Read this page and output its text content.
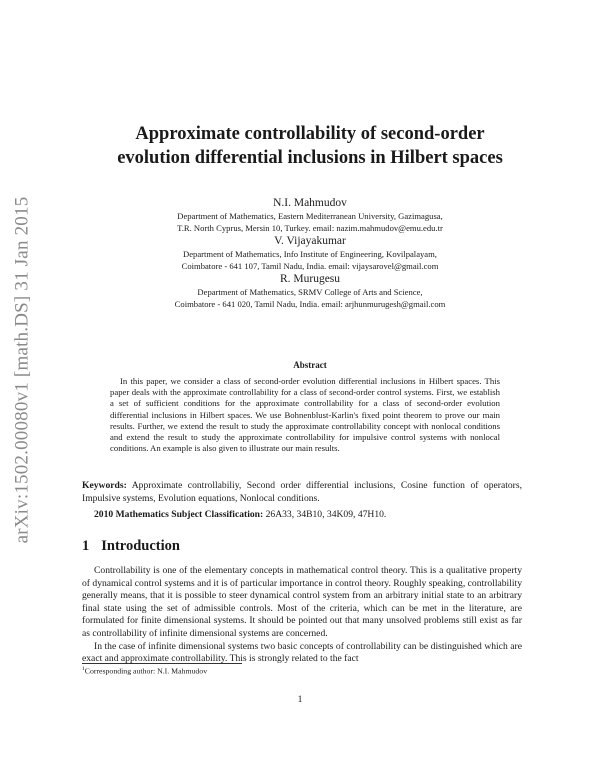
arXiv:1502.00080v1 [math.DS] 31 Jan 2015
Approximate controllability of second-order
evolution differential inclusions in Hilbert spaces
N.I. Mahmudov
Department of Mathematics, Eastern Mediterranean University, Gazimagusa,
T.R. North Cyprus, Mersin 10, Turkey. email: nazim.mahmudov@emu.edu.tr
V. Vijayakumar
Department of Mathematics, Info Institute of Engineering, Kovilpalayam,
Coimbatore - 641 107, Tamil Nadu, India. email: vijaysarovel@gmail.com
R. Murugesu
Department of Mathematics, SRMV College of Arts and Science,
Coimbatore - 641 020, Tamil Nadu, India. email: arjhunmurugesh@gmail.com
Abstract

In this paper, we consider a class of second-order evolution differential inclusions in Hilbert spaces. This paper deals with the approximate controllability for a class of second-order control systems. First, we establish a set of sufficient conditions for the approximate controllability for a class of second-order evolution differential inclusions in Hilbert spaces. We use Bohnenblust-Karlin's fixed point theorem to prove our main results. Further, we extend the result to study the approximate controllability concept with nonlocal conditions and extend the result to study the approximate controllability for impulsive control systems with nonlocal conditions. An example is also given to illustrate our main results.

Keywords: Approximate controllabiliy, Second order differential inclusions, Cosine function of operators, Impulsive systems, Evolution equations, Nonlocal conditions.

2010 Mathematics Subject Classification: 26A33, 34B10, 34K09, 47H10.

1 Introduction

Controllability is one of the elementary concepts in mathematical control theory. This is a qualitative property of dynamical control systems and it is of particular importance in control theory. Roughly speaking, controllability generally means, that it is possible to steer dynamical control system from an arbitrary initial state to an arbitrary final state using the set of admissible controls. Most of the criteria, which can be met in the literature, are formulated for finite dimensional systems. It should be pointed out that many unsolved problems still exist as far as controllability of infinite dimensional systems are concerned.

In the case of infinite dimensional systems two basic concepts of controllability can be distinguished which are exact and approximate controllability. This is strongly related to the fact

$^1$Corresponding author: N.I. Mahmudov
1
